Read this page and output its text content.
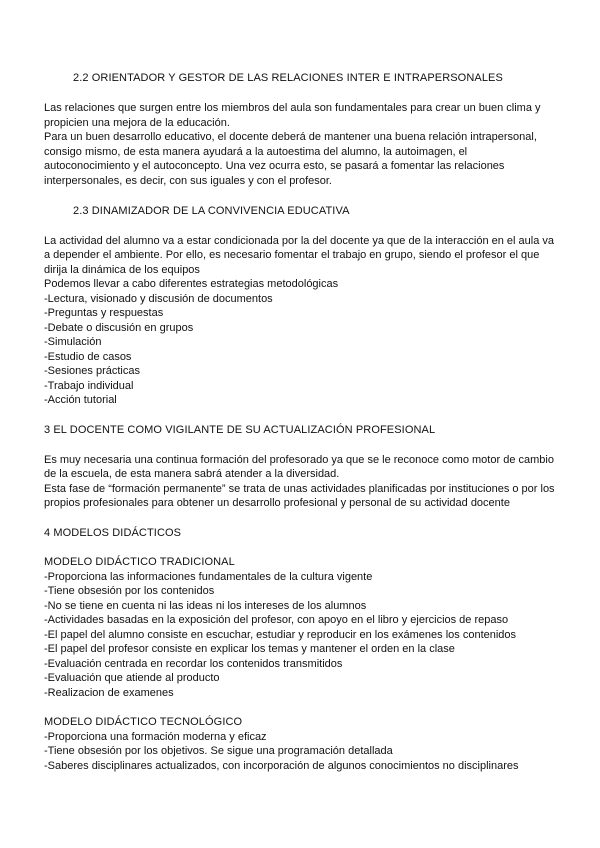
2.2 ORIENTADOR Y GESTOR DE LAS RELACIONES INTER E INTRAPERSONALES
Las relaciones que surgen entre los miembros del aula son fundamentales para crear un buen clima y
propicien una mejora de la educación.
Para un buen desarrollo educativo, el docente deberá de mantener una buena relación intrapersonal,
consigo mismo, de esta manera ayudará a la autoestima del alumno, la autoimagen, el
autoconocimiento y el autoconcepto. Una vez ocurra esto, se pasará a fomentar las relaciones
interpersonales, es decir, con sus iguales y con el profesor.
2.3 DINAMIZADOR DE LA CONVIVENCIA EDUCATIVA
La actividad del alumno va a estar condicionada por la del docente ya que de la interacción en el aula va
a depender el ambiente. Por ello, es necesario fomentar el trabajo en grupo, siendo el profesor el que
dirija la dinámica de los equipos
Podemos llevar a cabo diferentes estrategias metodológicas
-Lectura, visionado y discusión de documentos
-Preguntas y respuestas
-Debate o discusión en grupos
-Simulación
-Estudio de casos
-Sesiones prácticas
-Trabajo individual
-Acción tutorial
3 EL DOCENTE COMO VIGILANTE DE SU ACTUALIZACIÓN PROFESIONAL
Es muy necesaria una continua formación del profesorado ya que se le reconoce como motor de cambio
de la escuela, de esta manera sabrá atender a la diversidad.
Esta fase de “formación permanente” se trata de unas actividades planificadas por instituciones o por los
propios profesionales para obtener un desarrollo profesional y personal de su actividad docente
4 MODELOS DIDÁCTICOS
MODELO DIDÁCTICO TRADICIONAL
-Proporciona las informaciones fundamentales de la cultura vigente
-Tiene obsesión por los contenidos
-No se tiene en cuenta ni las ideas ni los intereses de los alumnos
-Actividades basadas en la exposición del profesor, con apoyo en el libro y ejercicios de repaso
-El papel del alumno consiste en escuchar, estudiar y reproducir en los exámenes los contenidos
-El papel del profesor consiste en explicar los temas y mantener el orden en la clase
-Evaluación centrada en recordar los contenidos transmitidos
-Evaluación que atiende al producto
-Realizacion de examenes
MODELO DIDÁCTICO TECNOLÓGICO
-Proporciona una formación moderna y eficaz
-Tiene obsesión por los objetivos. Se sigue una programación detallada
-Saberes disciplinares actualizados, con incorporación de algunos conocimientos no disciplinares
